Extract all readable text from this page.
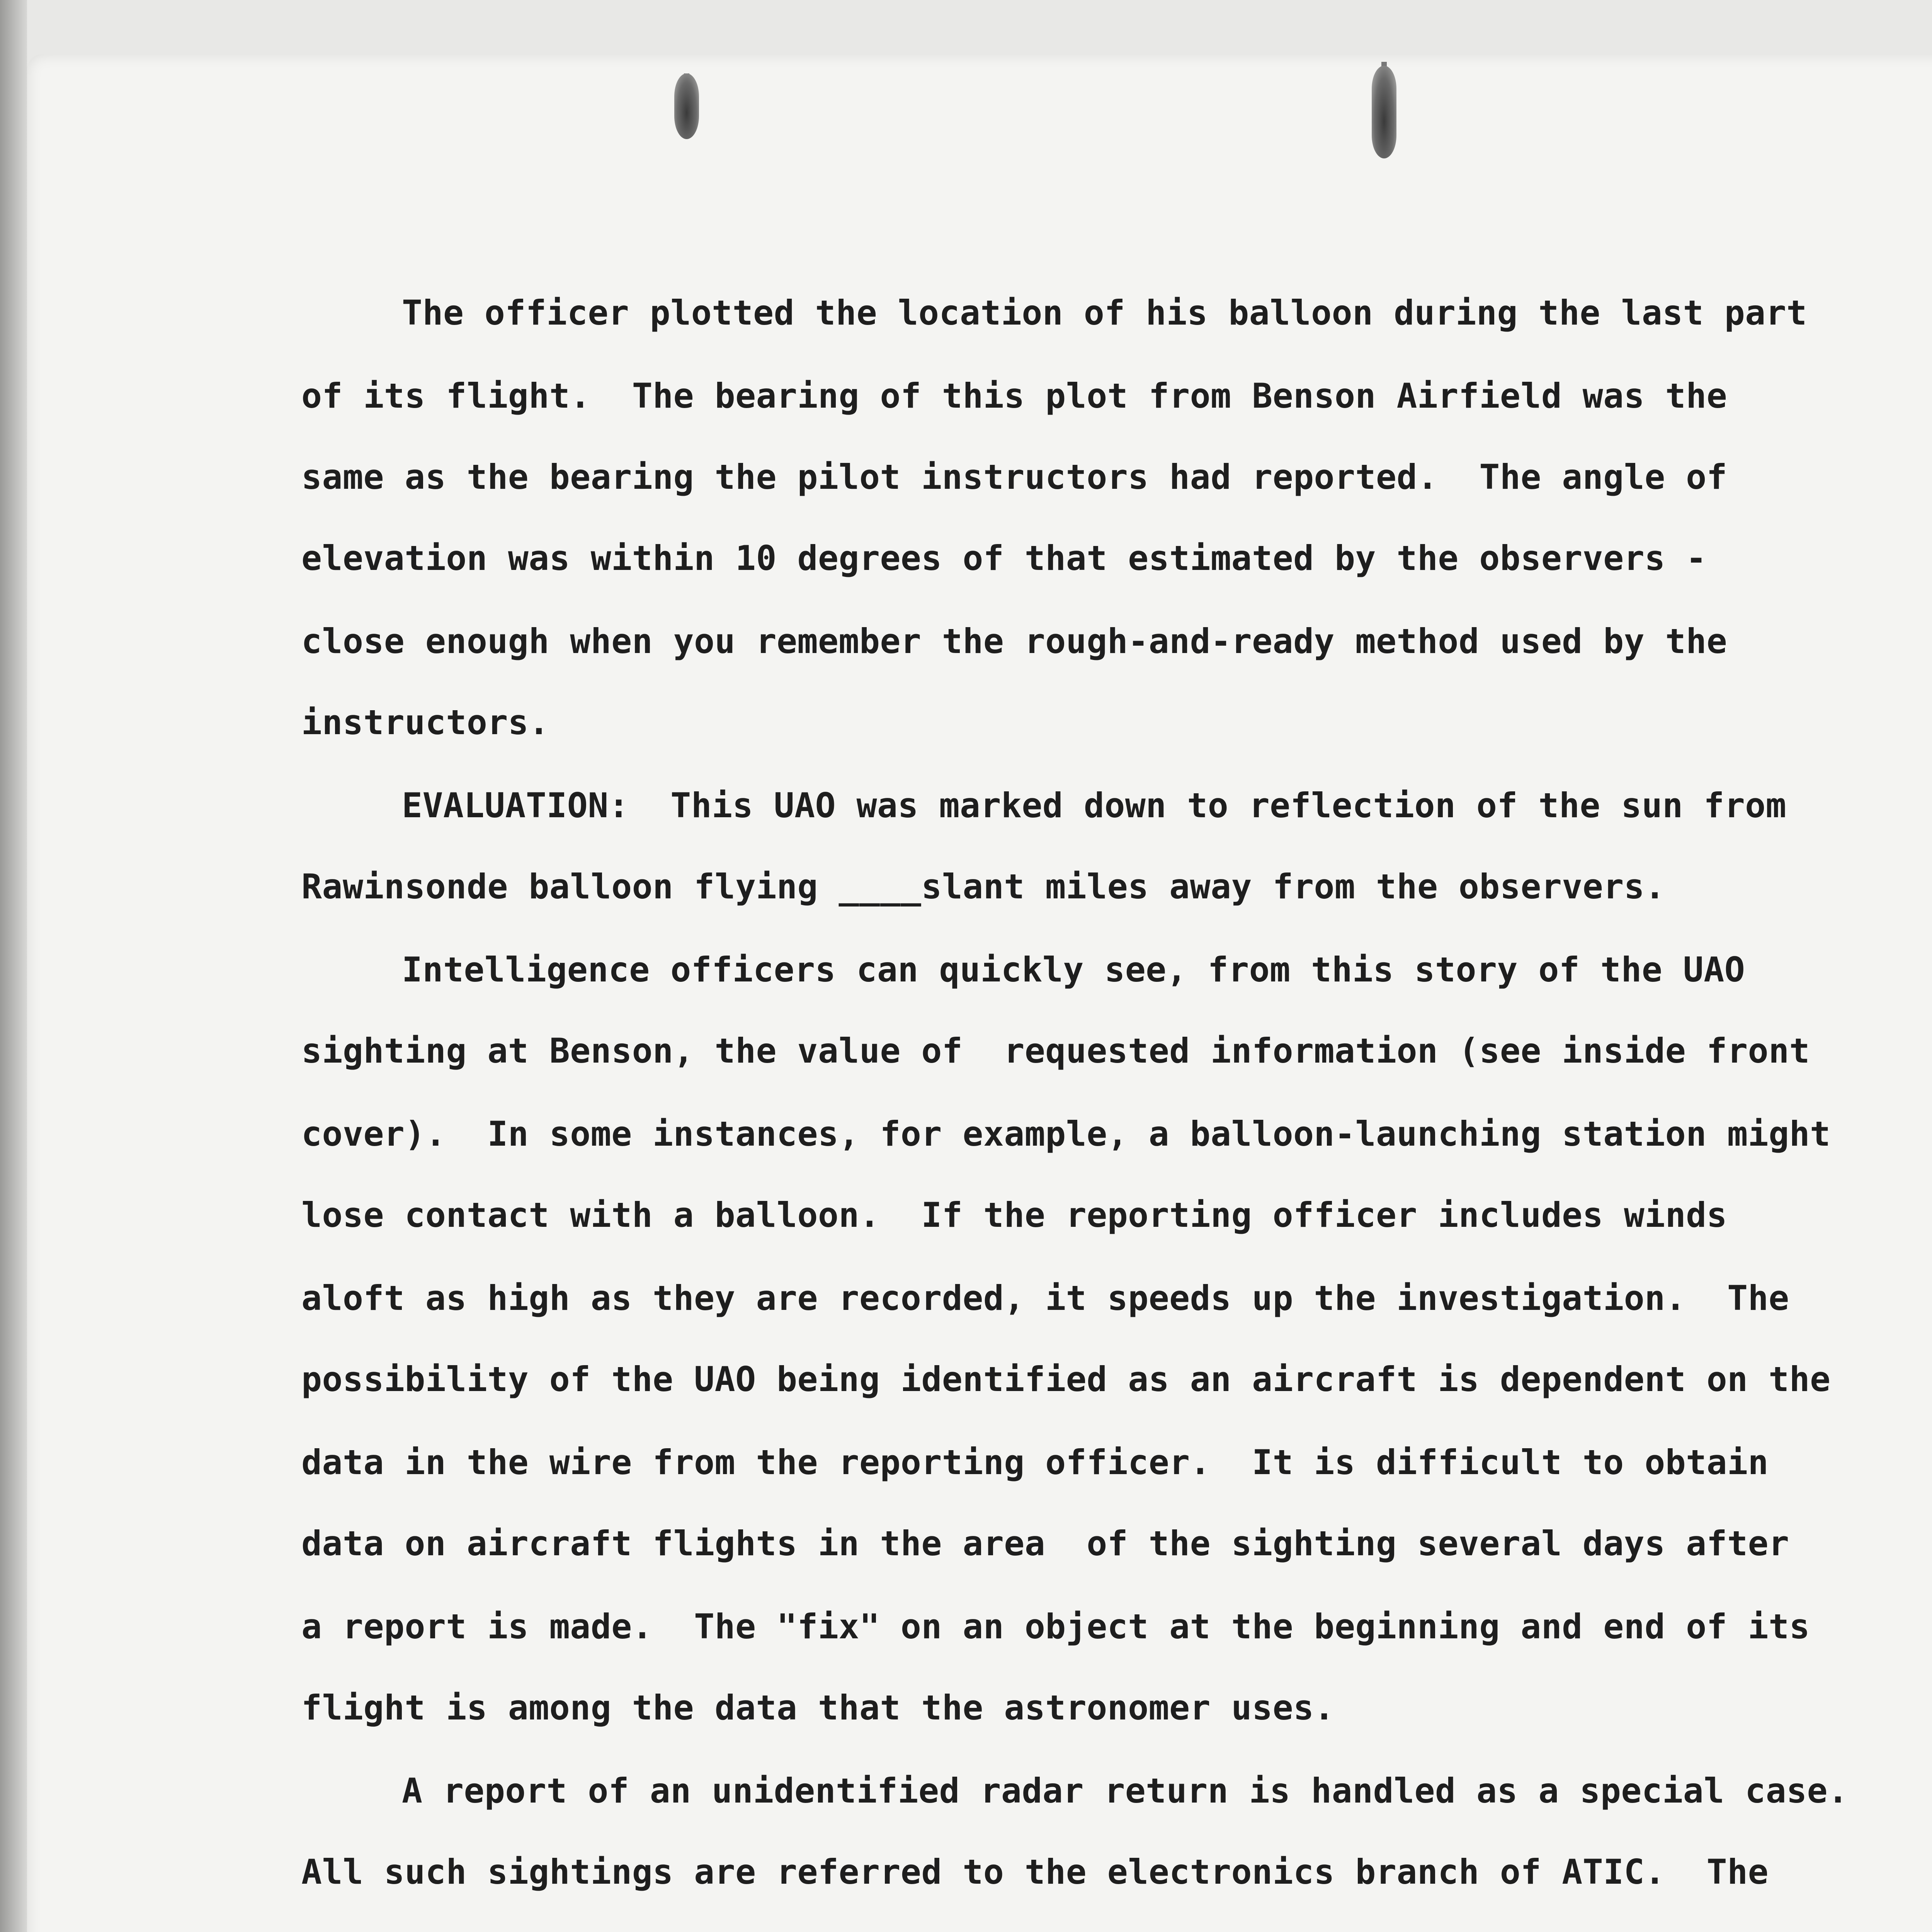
The officer plotted the location of his balloon during the last part
of its flight.  The bearing of this plot from Benson Airfield was the
same as the bearing the pilot instructors had reported.  The angle of
elevation was within 10 degrees of that estimated by the observers -
close enough when you remember the rough-and-ready method used by the
instructors.
EVALUATION:  This UAO was marked down to reflection of the sun from
Rawinsonde balloon flying ____slant miles away from the observers.
Intelligence officers can quickly see, from this story of the UAO
sighting at Benson, the value of  requested information (see inside front
cover).  In some instances, for example, a balloon-launching station might
lose contact with a balloon.  If the reporting officer includes winds
aloft as high as they are recorded, it speeds up the investigation.  The
possibility of the UAO being identified as an aircraft is dependent on the
data in the wire from the reporting officer.  It is difficult to obtain
data on aircraft flights in the area  of the sighting several days after
a report is made.  The "fix" on an object at the beginning and end of its
flight is among the data that the astronomer uses.
A report of an unidentified radar return is handled as a special case.
All such sightings are referred to the electronics branch of ATIC.  The
